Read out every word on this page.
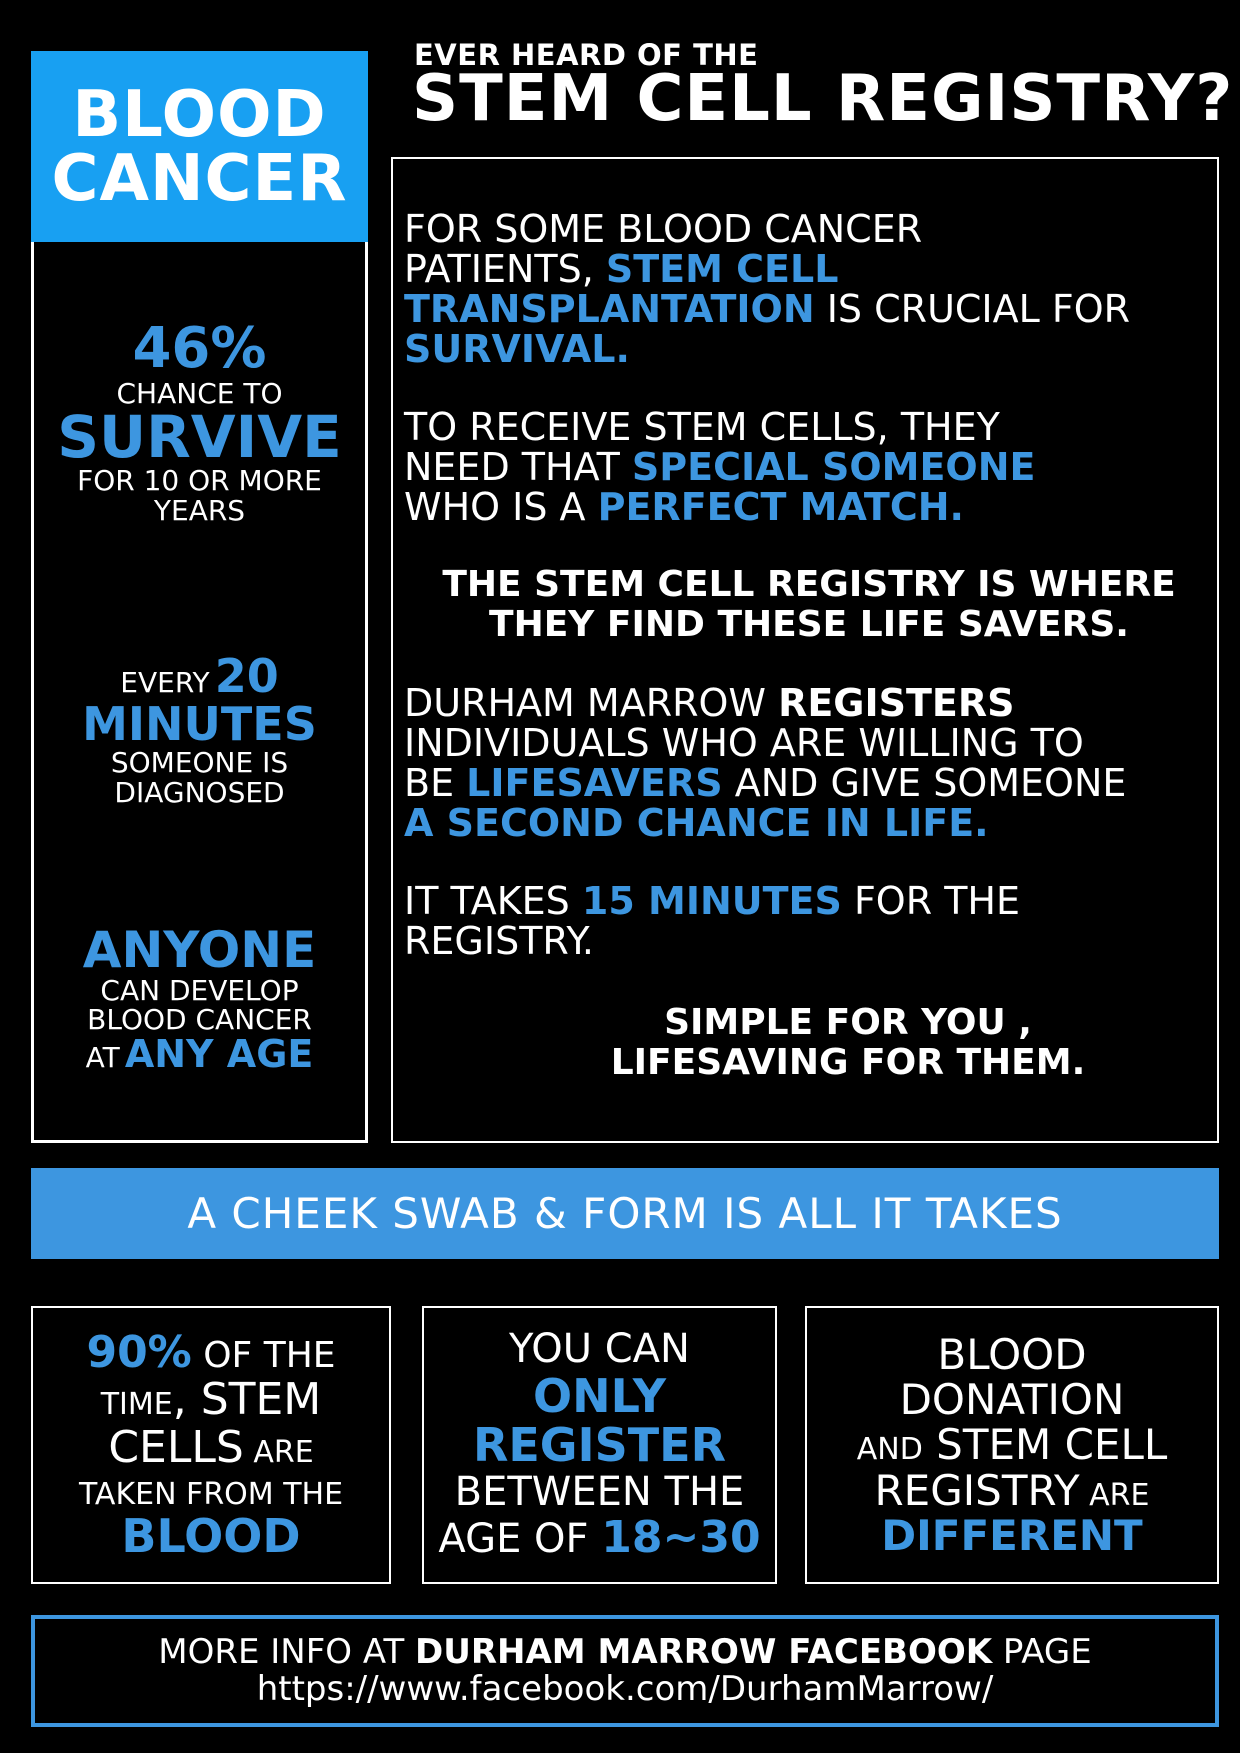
BLOOD
CANCER
46%
CHANCE TO
SURVIVE
FOR 10 OR MORE
YEARS
EVERY 20
MINUTES
SOMEONE IS
DIAGNOSED
ANYONE
CAN DEVELOP
BLOOD CANCER
AT ANY AGE
EVER HEARD OF THE
STEM CELL REGISTRY?
FOR SOME BLOOD CANCER
PATIENTS, STEM CELL
TRANSPLANTATION IS CRUCIAL FOR
SURVIVAL.
TO RECEIVE STEM CELLS, THEY
NEED THAT SPECIAL SOMEONE
WHO IS A PERFECT MATCH.
THE STEM CELL REGISTRY IS WHERE
THEY FIND THESE LIFE SAVERS.
DURHAM MARROW REGISTERS
INDIVIDUALS WHO ARE WILLING TO
BE LIFESAVERS AND GIVE SOMEONE
A SECOND CHANCE IN LIFE.
IT TAKES 15 MINUTES FOR THE
REGISTRY.
SIMPLE FOR YOU ,
LIFESAVING FOR THEM.
A CHEEK SWAB & FORM IS ALL IT TAKES
90% OF THE
TIME, STEM
CELLS ARE
TAKEN FROM THE
BLOOD
YOU CAN
ONLY
REGISTER
BETWEEN THE
AGE OF 18~30
BLOOD
DONATION
AND STEM CELL
REGISTRY ARE
DIFFERENT
MORE INFO AT DURHAM MARROW FACEBOOK PAGE
https://www.facebook.com/DurhamMarrow/
